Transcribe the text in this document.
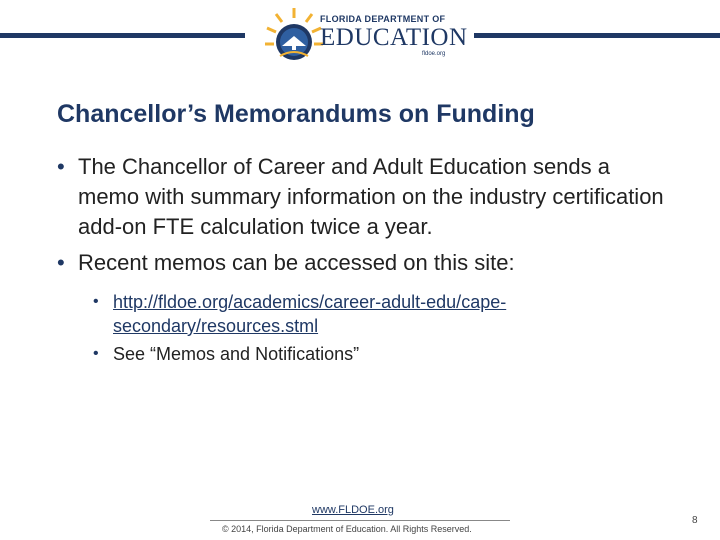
FLORIDA DEPARTMENT OF
EDUCATION
fldoe.org
Chancellor’s Memorandums on Funding
• The Chancellor of Career and Adult Education sends a memo with summary information on the industry certification add-on FTE calculation twice a year.
• Recent memos can be accessed on this site:
• http://fldoe.org/academics/career-adult-edu/cape-secondary/resources.stml
• See “Memos and Notifications”
www.FLDOE.org
© 2014, Florida Department of Education. All Rights Reserved.
8
